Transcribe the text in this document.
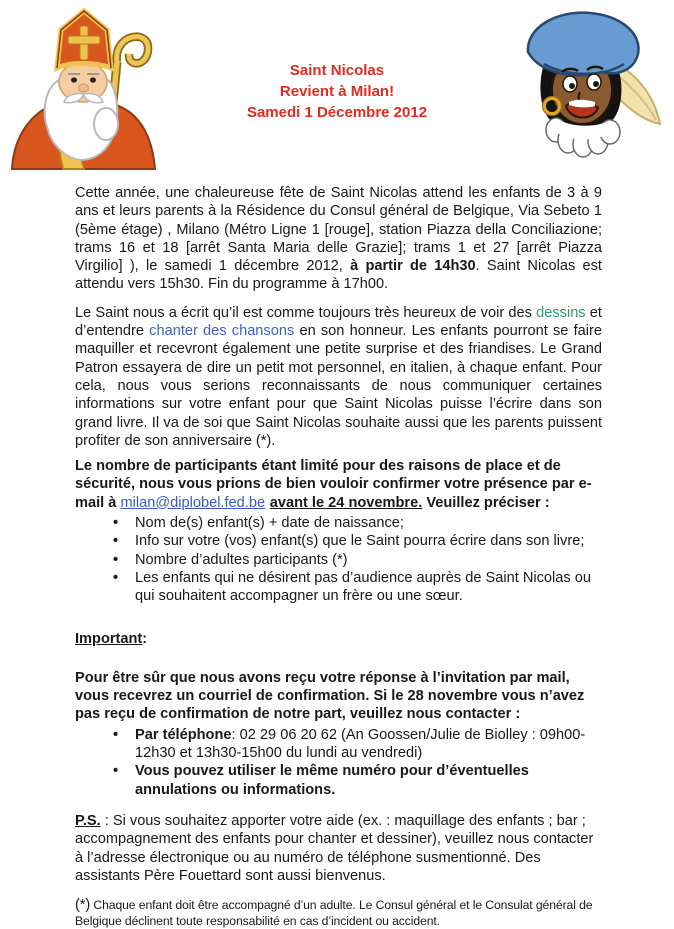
Saint Nicolas
Revient à Milan!
Samedi 1 Décembre 2012

Cette année, une chaleureuse fête de Saint Nicolas attend les enfants de 3 à 9 ans et leurs parents à la Résidence du Consul général de Belgique, Via Sebeto 1 (5ème étage) , Milano (Métro Ligne 1 [rouge], station Piazza della Conciliazione; trams 16 et 18 [arrêt Santa Maria delle Grazie]; trams 1 et 27 [arrêt Piazza Virgilio] ), le samedi 1 décembre 2012, à partir de 14h30. Saint Nicolas est attendu vers 15h30. Fin du programme à 17h00.

Le Saint nous a écrit qu’il est comme toujours très heureux de voir des dessins et d’entendre chanter des chansons en son honneur. Les enfants pourront se faire maquiller et recevront également une petite surprise et des friandises. Le Grand Patron essayera de dire un petit mot personnel, en italien, à chaque enfant. Pour cela, nous vous serions reconnaissants de nous communiquer certaines informations sur votre enfant pour que Saint Nicolas puisse l’écrire dans son grand livre. Il va de soi que Saint Nicolas souhaite aussi que les parents puissent profiter de son anniversaire (*).

Le nombre de participants étant limité pour des raisons de place et de sécurité, nous vous prions de bien vouloir confirmer votre présence par e-mail à milan@diplobel.fed.be avant le 24 novembre. Veuillez préciser :

• Nom de(s) enfant(s) + date de naissance;
• Info sur votre (vos) enfant(s) que le Saint pourra écrire dans son livre;
• Nombre d’adultes participants (*)
• Les enfants qui ne désirent pas d’audience auprès de Saint Nicolas ou qui souhaitent accompagner un frère ou une sœur.

Important:

Pour être sûr que nous avons reçu votre réponse à l’invitation par mail, vous recevrez un courriel de confirmation. Si le 28 novembre vous n’avez pas reçu de confirmation de notre part, veuillez nous contacter :

• Par téléphone: 02 29 06 20 62 (An Goossen/Julie de Biolley : 09h00-12h30 et 13h30-15h00 du lundi au vendredi)
• Vous pouvez utiliser le même numéro pour d’éventuelles annulations ou informations.

P.S. : Si vous souhaitez apporter votre aide (ex. : maquillage des enfants ; bar ; accompagnement des enfants pour chanter et dessiner), veuillez nous contacter à l’adresse électronique ou au numéro de téléphone susmentionné. Des assistants Père Fouettard sont aussi bienvenus.

(*) Chaque enfant doit être accompagné d’un adulte. Le Consul général et le Consulat général de Belgique déclinent toute responsabilité en cas d’incident ou accident.
